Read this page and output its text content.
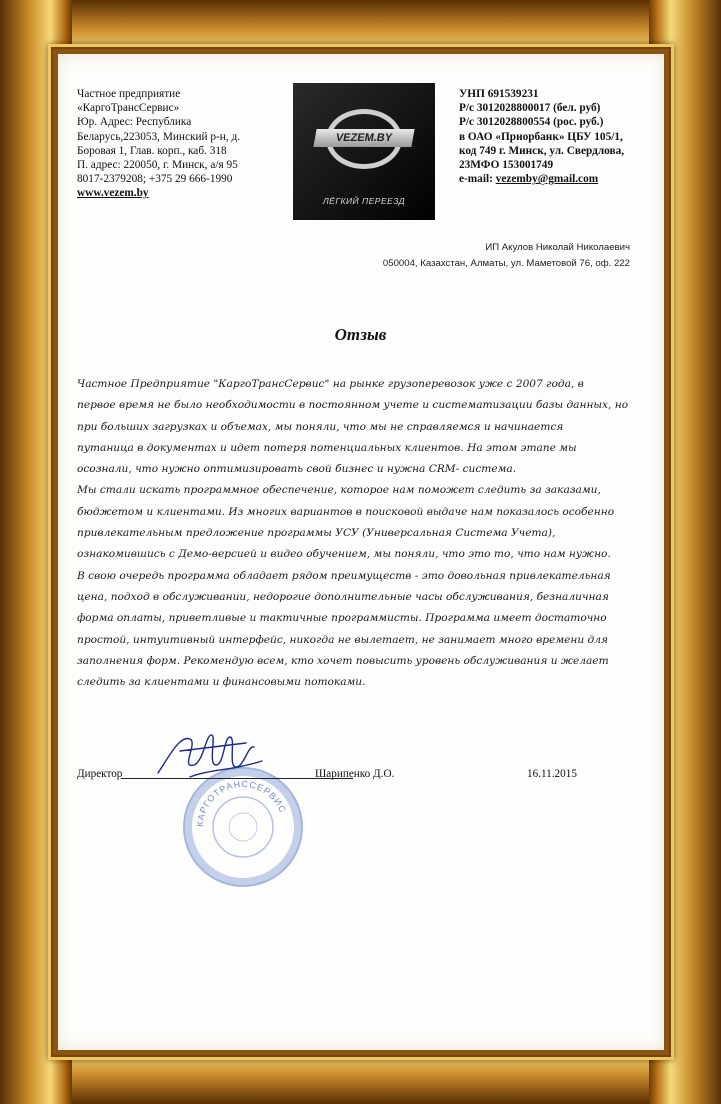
Частное предприятие
«КаргоТрансСервис»
Юр. Адрес: Республика
Беларусь,223053, Минский р-н, д.
Боровая 1, Глав. корп., каб. 318
П. адрес: 220050, г. Минск, а/я 95
8017-2379208; +375 29 666-1990
www.vezem.by
VEZEM.BY
ЛЁГКИЙ ПЕРЕЕЗД
УНП 691539231
Р/с 3012028800017 (бел. руб)
Р/с 3012028800554 (рос. руб.)
в ОАО «Приорбанк» ЦБУ 105/1,
код 749 г. Минск, ул. Свердлова,
23МФО 153001749
e-mail: vezemby@gmail.com
ИП Акулов Николай Николаевич
050004, Казахстан, Алматы, ул. Маметовой 76, оф. 222
Отзыв
Частное Предприятие "КаргоТрансСервис" на рынке грузоперевозок уже с 2007 года, в
первое время не было необходимости в постоянном учете и систематизации базы данных, но
при больших загрузках и объемах, мы поняли, что мы не справляемся и начинается
путаница в документах и идет потеря потенциальных клиентов. На этом этапе мы
осознали, что нужно оптимизировать свой бизнес и нужна CRM- система.
Мы стали искать программное обеспечение, которое нам поможет следить за заказами,
бюджетом и клиентами. Из многих вариантов в поисковой выдаче нам показалось особенно
привлекательным предложение программы УСУ (Универсальная Система Учета),
ознакомившись с Демо-версией и видео обучением, мы поняли, что это то, что нам нужно.
В свою очередь программа обладает рядом преимуществ - это довольная привлекательная
цена, подход в обслуживании, недорогие дополнительные часы обслуживания, безналичная
форма оплаты, приветливые и тактичные программисты. Программа имеет достаточно
простой, интуитивный интерфейс, никогда не вылетает, не занимает много времени для
заполнения форм. Рекомендую всем, кто хочет повысить уровень обслуживания и желает
следить за клиентами и финансовыми потоками.
КАРГОТРАНССЕРВИС
Директор	Шарипенко Д.О.	16.11.2015
